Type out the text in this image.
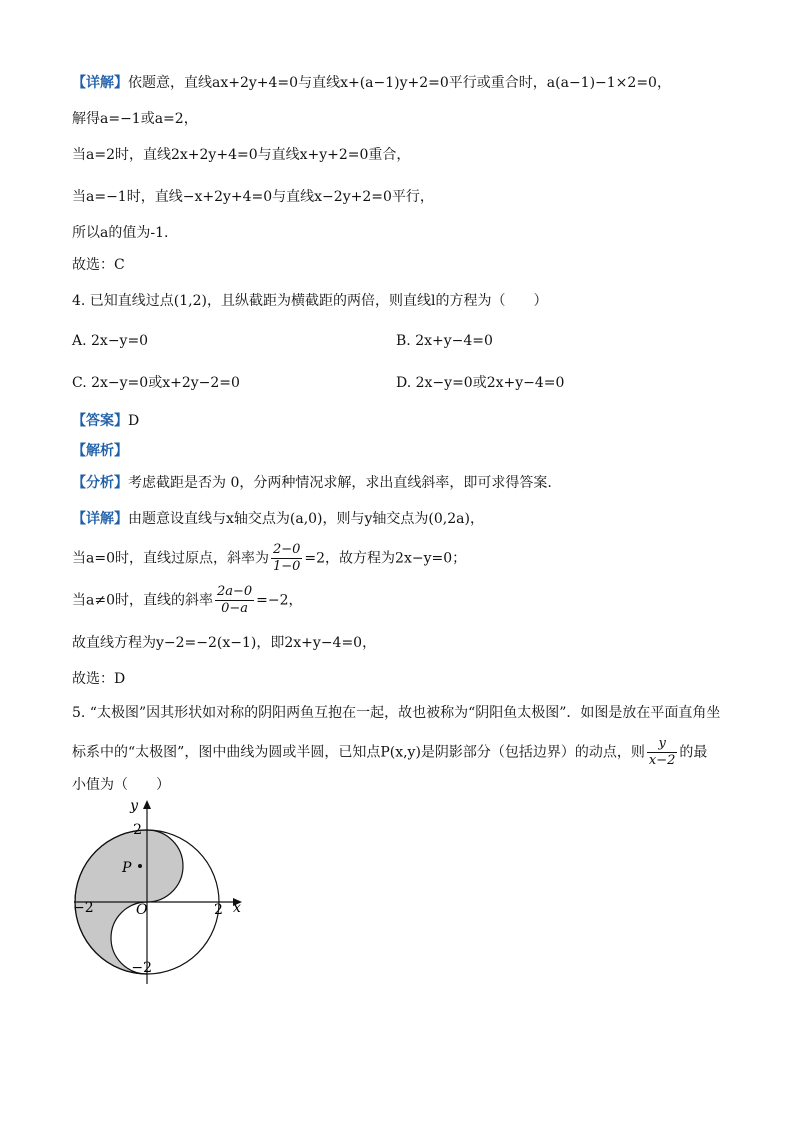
【详解】依题意，直线ax+2y+4=0与直线x+(a−1)y+2=0平行或重合时，a(a−1)−1×2=0，
解得a=−1或a=2，
当a=2时，直线2x+2y+4=0与直线x+y+2=0重合，
当a=−1时，直线−x+2y+4=0与直线x−2y+2=0平行，
所以a的值为-1.
故选：C
4. 已知直线过点(1,2)，且纵截距为横截距的两倍，则直线l的方程为（　　）
A. 2x−y=0	B. 2x+y−4=0
C. 2x−y=0或x+2y−2=0	D. 2x−y=0或2x+y−4=0
【答案】D
【解析】
【分析】考虑截距是否为 0，分两种情况求解，求出直线斜率，即可求得答案.
【详解】由题意设直线与x轴交点为(a,0)，则与y轴交点为(0,2a)，
当a=0时，直线过原点，斜率为 $\frac{2-0}{1-0} =2$，故方程为2x−y=0；
当a≠0时，直线的斜率 $\frac{2a-0}{0-a} =-2$，
故直线方程为y−2=−2(x−1)，即2x+y−4=0，
故选：D
5. “太极图”因其形状如对称的阴阳两鱼互抱在一起，故也被称为“阴阳鱼太极图”．如图是放在平面直角坐
标系中的“太极图”，图中曲线为圆或半圆，已知点P(x,y)是阴影部分（包括边界）的动点，则 $\frac{y}{x-2}$ 的最
小值为（　　）
y
2
P
−2	O	2 x
−2
